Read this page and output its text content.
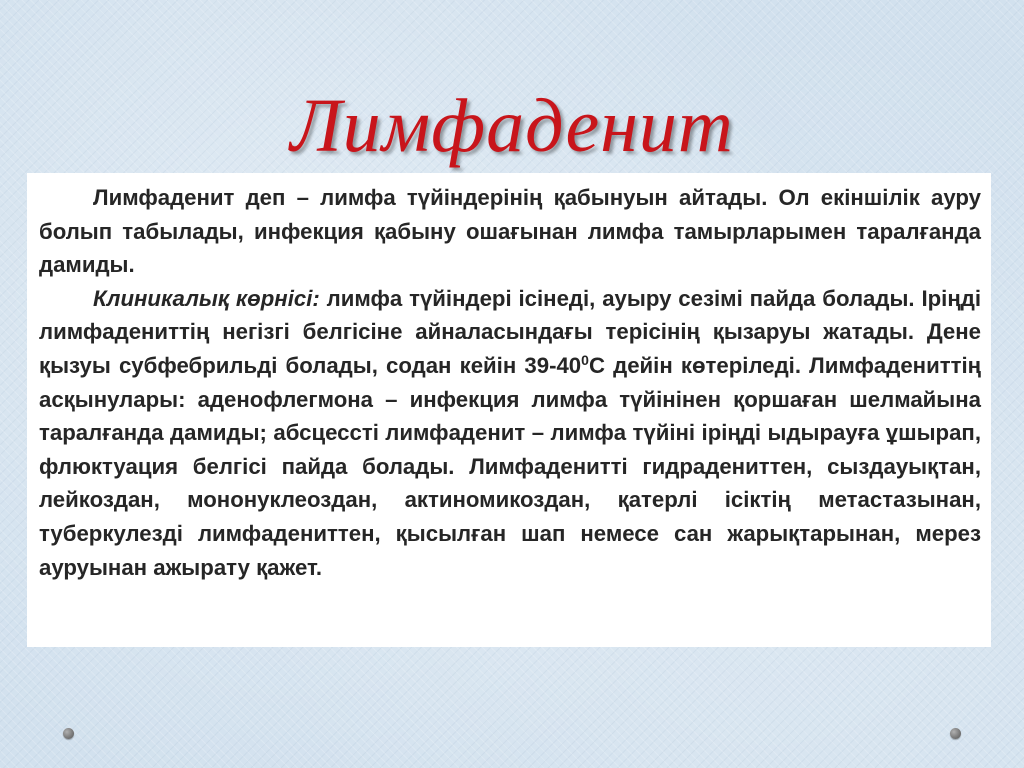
Лимфаденит

Лимфаденит деп – лимфа түйіндерінің қабынуын айтады. Ол екіншілік ауру болып табылады, инфекция қабыну ошағынан лимфа тамырларымен таралғанда дамиды.

Клиникалық көрнісі: лимфа түйіндері ісінеді, ауыру сезімі пайда болады. Іріңді лимфадениттің негізгі белгісіне айналасындағы терісінің қызаруы жатады. Дене қызуы субфебрильді болады, содан кейін $39-40^0С$ дейін көтеріледі. Лимфадениттің асқынулары: аденофлегмона – инфекция лимфа түйінінен қоршаған шелмайына таралғанда дамиды; абсцессті лимфаденит – лимфа түйіні іріңді ыдырауға ұшырап, флюктуация белгісі пайда болады. Лимфаденитті гидрадениттен, сыздауықтан, лейкоздан, мононуклеоздан, актиномикоздан, қатерлі ісіктің метастазынан, туберкулезді лимфадениттен, қысылған шап немесе сан жарықтарынан, мерез ауруынан ажырату қажет.
